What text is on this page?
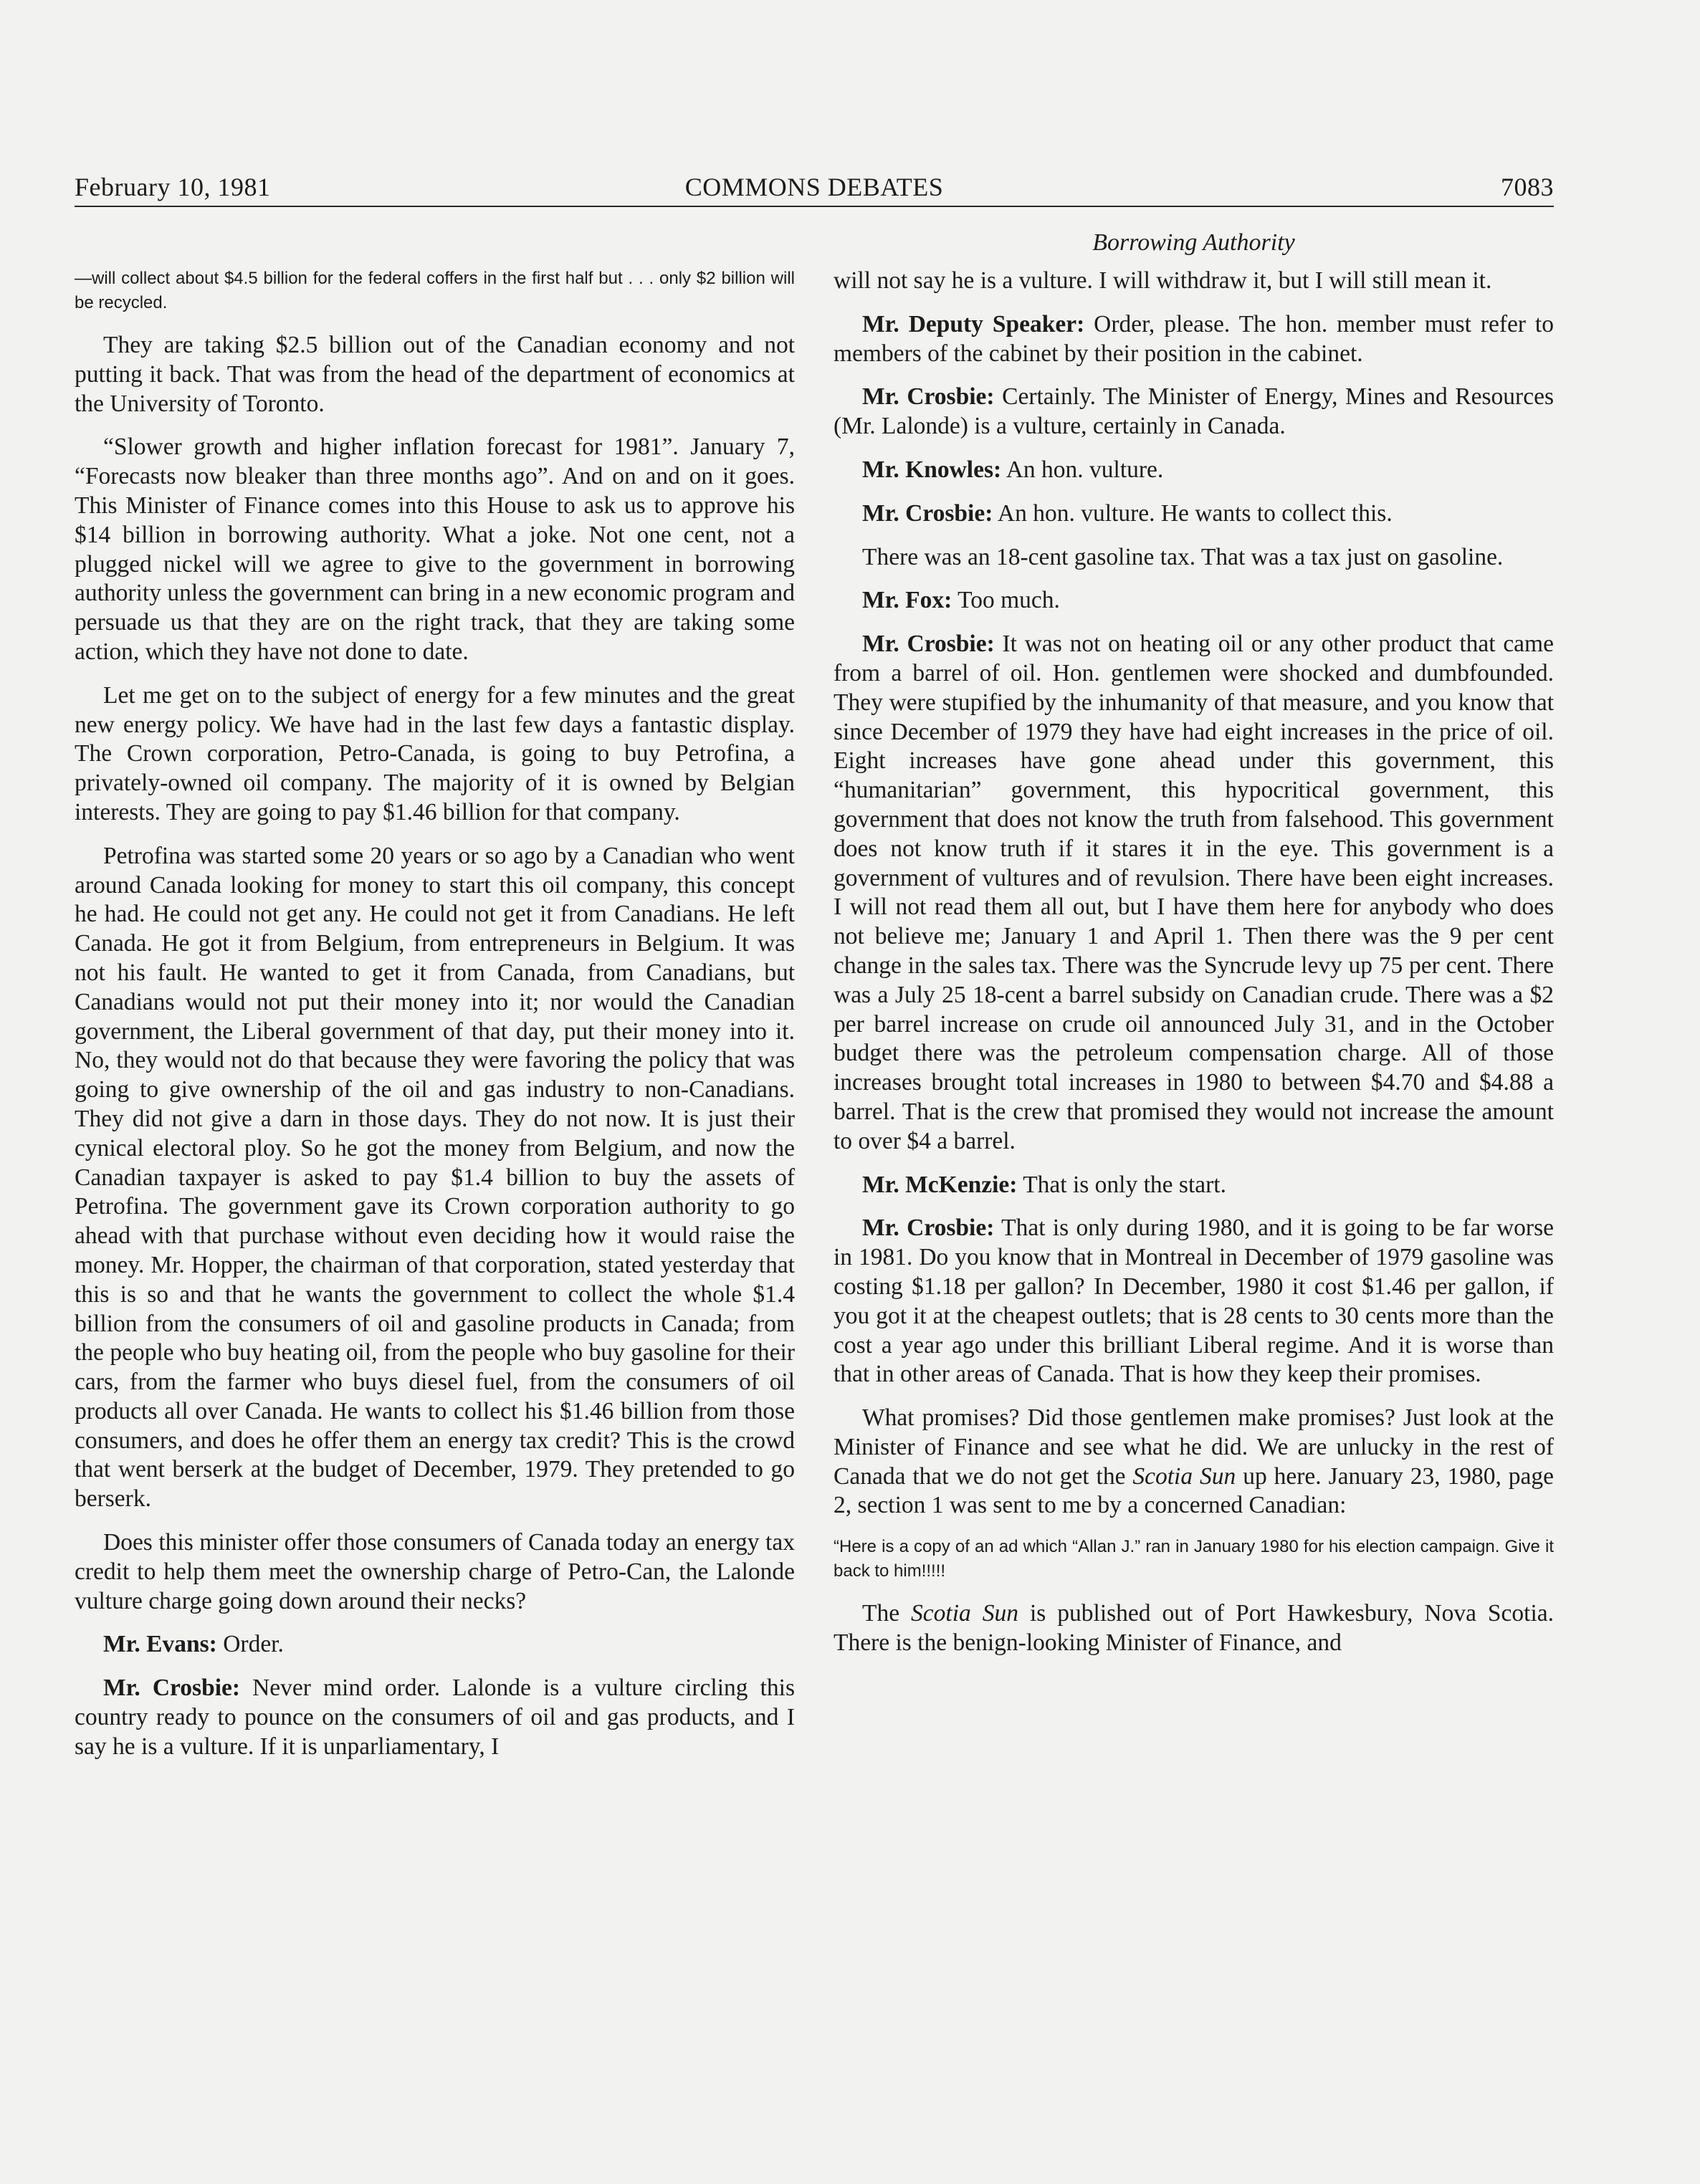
February 10, 1981	COMMONS DEBATES	7083
Borrowing Authority

—will collect about $4.5 billion for the federal coffers in the first half but . . . only $2 billion will be recycled.

They are taking $2.5 billion out of the Canadian economy and not putting it back. That was from the head of the department of economics at the University of Toronto.

“Slower growth and higher inflation forecast for 1981”. January 7, “Forecasts now bleaker than three months ago”. And on and on it goes. This Minister of Finance comes into this House to ask us to approve his $14 billion in borrowing authority. What a joke. Not one cent, not a plugged nickel will we agree to give to the government in borrowing authority unless the government can bring in a new economic program and persuade us that they are on the right track, that they are taking some action, which they have not done to date.

Let me get on to the subject of energy for a few minutes and the great new energy policy. We have had in the last few days a fantastic display. The Crown corporation, Petro-Canada, is going to buy Petrofina, a privately-owned oil company. The majority of it is owned by Belgian interests. They are going to pay $1.46 billion for that company.

Petrofina was started some 20 years or so ago by a Canadian who went around Canada looking for money to start this oil company, this concept he had. He could not get any. He could not get it from Canadians. He left Canada. He got it from Belgium, from entrepreneurs in Belgium. It was not his fault. He wanted to get it from Canada, from Canadians, but Canadians would not put their money into it; nor would the Canadian government, the Liberal government of that day, put their money into it. No, they would not do that because they were favoring the policy that was going to give ownership of the oil and gas industry to non-Canadians. They did not give a darn in those days. They do not now. It is just their cynical electoral ploy. So he got the money from Belgium, and now the Canadian taxpayer is asked to pay $1.4 billion to buy the assets of Petrofina. The government gave its Crown corporation authority to go ahead with that purchase without even deciding how it would raise the money. Mr. Hopper, the chairman of that corporation, stated yesterday that this is so and that he wants the government to collect the whole $1.4 billion from the consumers of oil and gasoline products in Canada; from the people who buy heating oil, from the people who buy gasoline for their cars, from the farmer who buys diesel fuel, from the consumers of oil products all over Canada. He wants to collect his $1.46 billion from those consumers, and does he offer them an energy tax credit? This is the crowd that went berserk at the budget of December, 1979. They pretended to go berserk.

Does this minister offer those consumers of Canada today an energy tax credit to help them meet the ownership charge of Petro-Can, the Lalonde vulture charge going down around their necks?

Mr. Evans: Order.

Mr. Crosbie: Never mind order. Lalonde is a vulture circling this country ready to pounce on the consumers of oil and gas products, and I say he is a vulture. If it is unparliamentary, I

will not say he is a vulture. I will withdraw it, but I will still mean it.

Mr. Deputy Speaker: Order, please. The hon. member must refer to members of the cabinet by their position in the cabinet.

Mr. Crosbie: Certainly. The Minister of Energy, Mines and Resources (Mr. Lalonde) is a vulture, certainly in Canada.

Mr. Knowles: An hon. vulture.

Mr. Crosbie: An hon. vulture. He wants to collect this.

There was an 18-cent gasoline tax. That was a tax just on gasoline.

Mr. Fox: Too much.

Mr. Crosbie: It was not on heating oil or any other product that came from a barrel of oil. Hon. gentlemen were shocked and dumbfounded. They were stupified by the inhumanity of that measure, and you know that since December of 1979 they have had eight increases in the price of oil. Eight increases have gone ahead under this government, this “humanitarian” government, this hypocritical government, this government that does not know the truth from falsehood. This government does not know truth if it stares it in the eye. This government is a government of vultures and of revulsion. There have been eight increases. I will not read them all out, but I have them here for anybody who does not believe me; January 1 and April 1. Then there was the 9 per cent change in the sales tax. There was the Syncrude levy up 75 per cent. There was a July 25 18-cent a barrel subsidy on Canadian crude. There was a $2 per barrel increase on crude oil announced July 31, and in the October budget there was the petroleum compensation charge. All of those increases brought total increases in 1980 to between $4.70 and $4.88 a barrel. That is the crew that promised they would not increase the amount to over $4 a barrel.

Mr. McKenzie: That is only the start.

Mr. Crosbie: That is only during 1980, and it is going to be far worse in 1981. Do you know that in Montreal in December of 1979 gasoline was costing $1.18 per gallon? In December, 1980 it cost $1.46 per gallon, if you got it at the cheapest outlets; that is 28 cents to 30 cents more than the cost a year ago under this brilliant Liberal regime. And it is worse than that in other areas of Canada. That is how they keep their promises.

What promises? Did those gentlemen make promises? Just look at the Minister of Finance and see what he did. We are unlucky in the rest of Canada that we do not get the Scotia Sun up here. January 23, 1980, page 2, section 1 was sent to me by a concerned Canadian:

“Here is a copy of an ad which “Allan J.” ran in January 1980 for his election campaign. Give it back to him!!!!!

The Scotia Sun is published out of Port Hawkesbury, Nova Scotia. There is the benign-looking Minister of Finance, and
